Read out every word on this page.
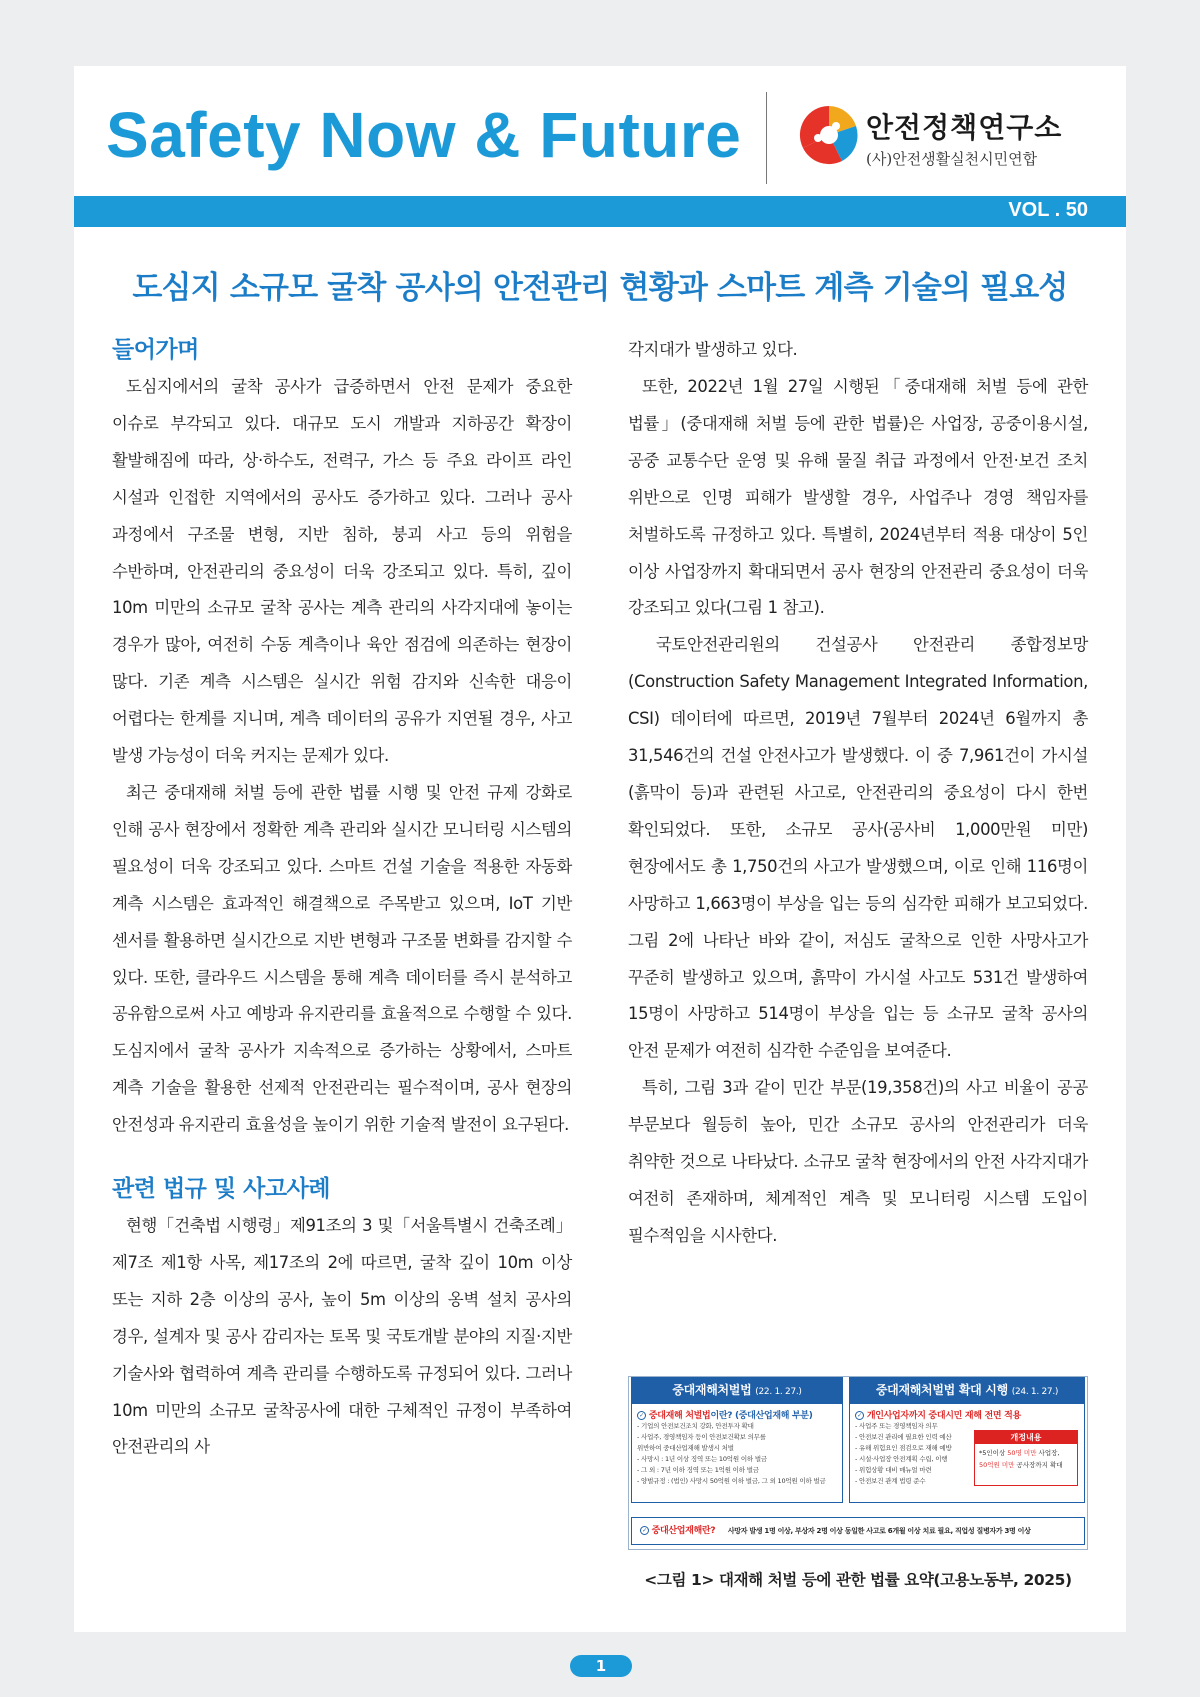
Safety Now & Future	안전정책연구소
(사)안전생활실천시민연합
VOL . 50
도심지 소규모 굴착 공사의 안전관리 현황과 스마트 계측 기술의 필요성
들어가며

도심지에서의 굴착 공사가 급증하면서 안전 문제가 중요한 이슈로 부각되고 있다. 대규모 도시 개발과 지하공간 확장이 활발해짐에 따라, 상·하수도, 전력구, 가스 등 주요 라이프 라인 시설과 인접한 지역에서의 공사도 증가하고 있다. 그러나 공사 과정에서 구조물 변형, 지반 침하, 붕괴 사고 등의 위험을 수반하며, 안전관리의 중요성이 더욱 강조되고 있다. 특히, 깊이 10m 미만의 소규모 굴착 공사는 계측 관리의 사각지대에 놓이는 경우가 많아, 여전히 수동 계측이나 육안 점검에 의존하는 현장이 많다. 기존 계측 시스템은 실시간 위험 감지와 신속한 대응이 어렵다는 한계를 지니며, 계측 데이터의 공유가 지연될 경우, 사고 발생 가능성이 더욱 커지는 문제가 있다.

최근 중대재해 처벌 등에 관한 법률 시행 및 안전 규제 강화로 인해 공사 현장에서 정확한 계측 관리와 실시간 모니터링 시스템의 필요성이 더욱 강조되고 있다. 스마트 건설 기술을 적용한 자동화 계측 시스템은 효과적인 해결책으로 주목받고 있으며, IoT 기반 센서를 활용하면 실시간으로 지반 변형과 구조물 변화를 감지할 수 있다. 또한, 클라우드 시스템을 통해 계측 데이터를 즉시 분석하고 공유함으로써 사고 예방과 유지관리를 효율적으로 수행할 수 있다. 도심지에서 굴착 공사가 지속적으로 증가하는 상황에서, 스마트 계측 기술을 활용한 선제적 안전관리는 필수적이며, 공사 현장의 안전성과 유지관리 효율성을 높이기 위한 기술적 발전이 요구된다.

관련 법규 및 사고사례

현행「건축법 시행령」제91조의 3 및「서울특별시 건축조례」제7조 제1항 사목, 제17조의 2에 따르면, 굴착 깊이 10m 이상 또는 지하 2층 이상의 공사, 높이 5m 이상의 옹벽 설치 공사의 경우, 설계자 및 공사 감리자는 토목 및 국토개발 분야의 지질·지반 기술사와 협력하여 계측 관리를 수행하도록 규정되어 있다. 그러나 10m 미만의 소규모 굴착공사에 대한 구체적인 규정이 부족하여 안전관리의 사

각지대가 발생하고 있다.

또한, 2022년 1월 27일 시행된「중대재해 처벌 등에 관한 법률」(중대재해 처벌 등에 관한 법률)은 사업장, 공중이용시설, 공중 교통수단 운영 및 유해 물질 취급 과정에서 안전·보건 조치 위반으로 인명 피해가 발생할 경우, 사업주나 경영 책임자를 처벌하도록 규정하고 있다. 특별히, 2024년부터 적용 대상이 5인 이상 사업장까지 확대되면서 공사 현장의 안전관리 중요성이 더욱 강조되고 있다(그림 1 참고).

국토안전관리원의 건설공사 안전관리 종합정보망(Construction Safety Management Integrated Information, CSI) 데이터에 따르면, 2019년 7월부터 2024년 6월까지 총 31,546건의 건설 안전사고가 발생했다. 이 중 7,961건이 가시설(흙막이 등)과 관련된 사고로, 안전관리의 중요성이 다시 한번 확인되었다. 또한, 소규모 공사(공사비 1,000만원 미만) 현장에서도 총 1,750건의 사고가 발생했으며, 이로 인해 116명이 사망하고 1,663명이 부상을 입는 등의 심각한 피해가 보고되었다. 그림 2에 나타난 바와 같이, 저심도 굴착으로 인한 사망사고가 꾸준히 발생하고 있으며, 흙막이 가시설 사고도 531건 발생하여 15명이 사망하고 514명이 부상을 입는 등 소규모 굴착 공사의 안전 문제가 여전히 심각한 수준임을 보여준다.

특히, 그림 3과 같이 민간 부문(19,358건)의 사고 비율이 공공 부문보다 월등히 높아, 민간 소규모 공사의 안전관리가 더욱 취약한 것으로 나타났다. 소규모 굴착 현장에서의 안전 사각지대가 여전히 존재하며, 체계적인 계측 및 모니터링 시스템 도입이 필수적임을 시사한다.

중대재해처벌법 (22. 1. 27.)
✓ 중대재해 처벌법이란? (중대산업재해 부분)
- 기업의 안전보건조치 강화, 안전투자 확대
- 사업주, 경영책임자 등이 안전보건확보 의무를
위반하여 중대산업재해 발생시 처벌
- 사망시 : 1년 이상 징역 또는 10억원 이하 벌금
- 그 외 : 7년 이하 징역 또는 1억원 이하 벌금
- 양벌규정 : (법인) 사망시 50억원 이하 벌금, 그 외 10억원 이하 벌금
중대재해처벌법 확대 시행 (24. 1. 27.)
✓ 개인사업자까지 중대시민 재해 전면 적용
- 사업주 또는 경영책임자 의무
- 안전보건 관리에 필요한 인력 예산
- 유해 위험요인 점검으로 재해 예방
- 시설·사업장 안전계획 수립, 이행
- 위험상황 대비 매뉴얼 마련
- 안전보건 관계 법령 준수
개정내용
*5인이상 50명 미만 사업장,
50억원 미만 공사장까지 확대
✓ 중대산업재해란? 사망자 발생 1명 이상, 부상자 2명 이상 동일한 사고로 6개월 이상 치료 필요, 직업성 질병자가 3명 이상
<그림 1> 대재해 처벌 등에 관한 법률 요약(고용노동부, 2025)
1
